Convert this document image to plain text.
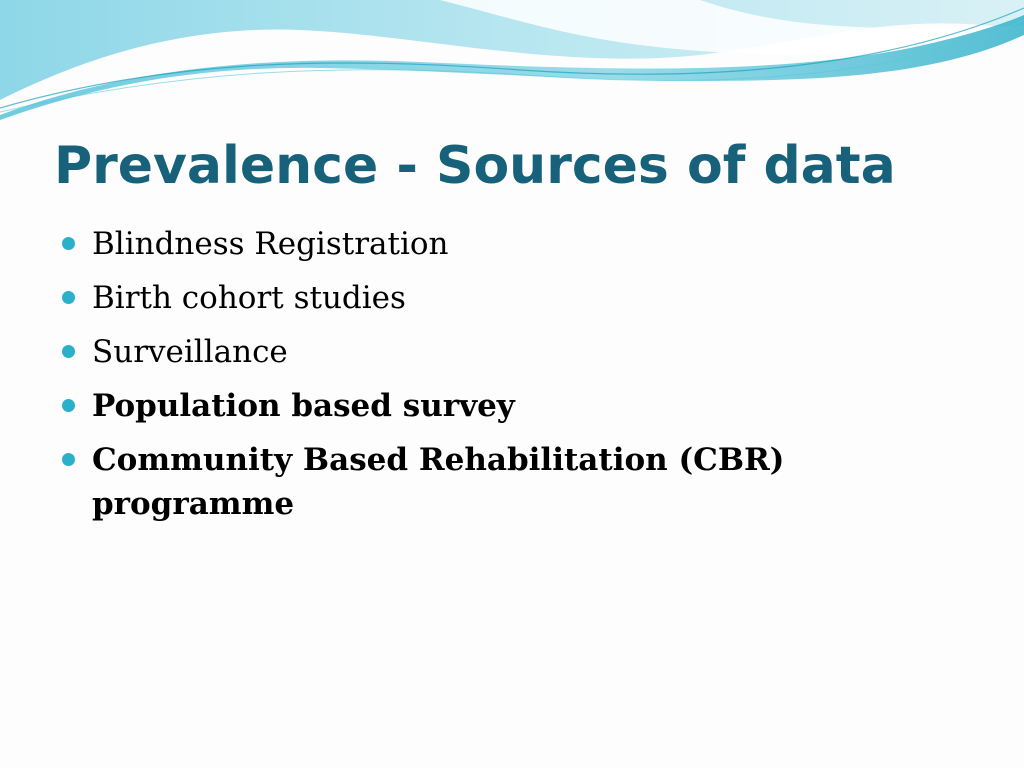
Prevalence - Sources of data
Blindness Registration
Birth cohort studies
Surveillance
Population based survey
Community Based Rehabilitation (CBR) programme
